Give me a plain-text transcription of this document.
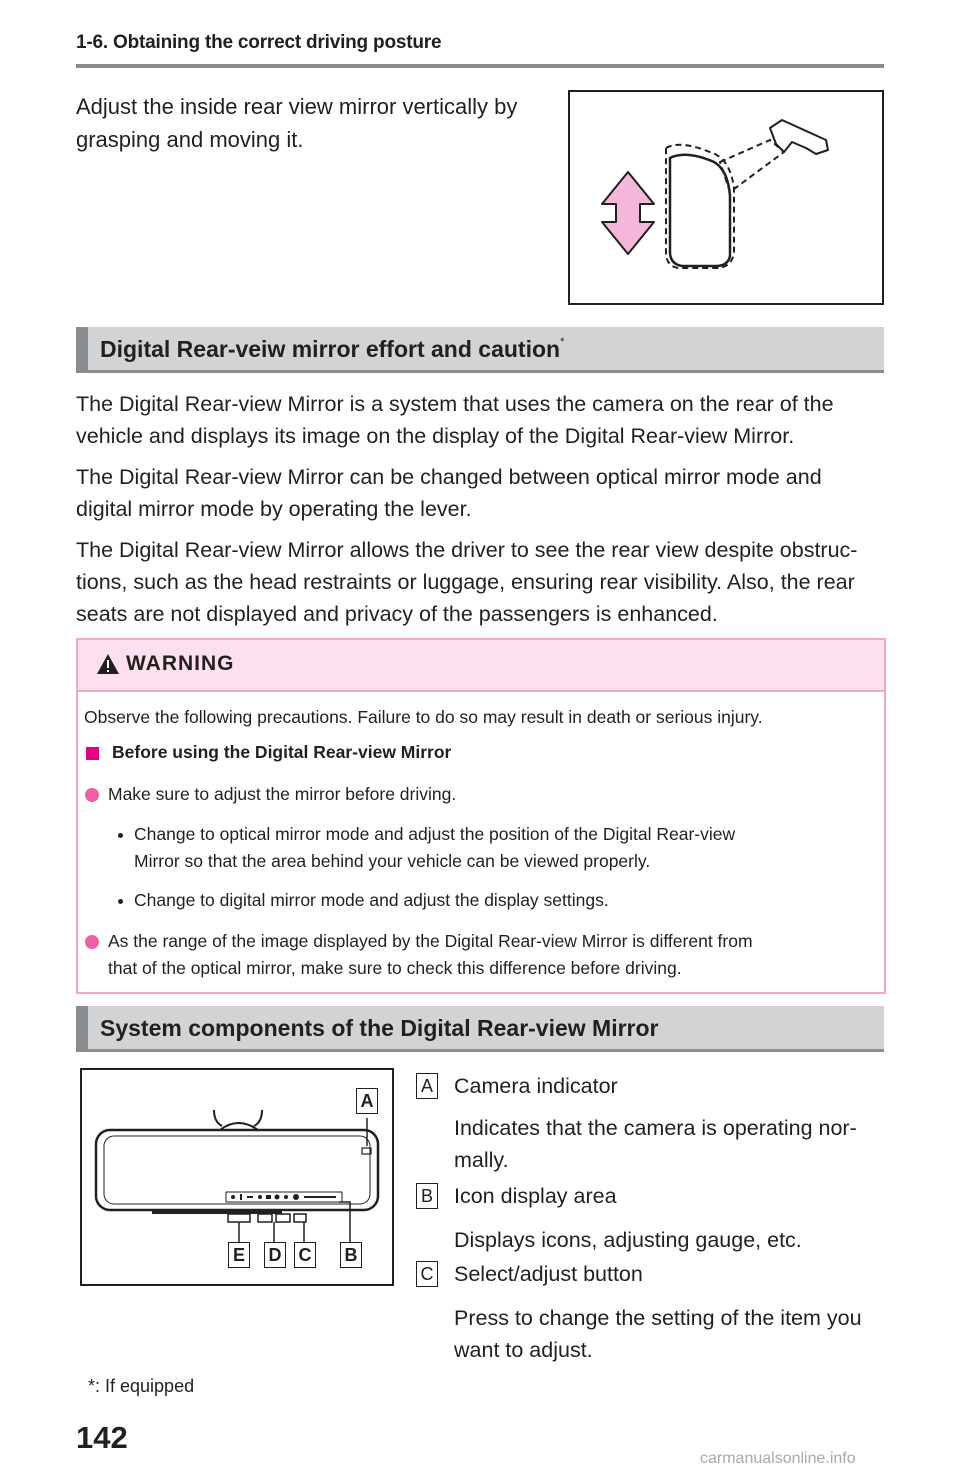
1-6. Obtaining the correct driving posture
Adjust the inside rear view mirror vertically by
grasping and moving it.
Digital Rear-veiw mirror effort and caution*
The Digital Rear-view Mirror is a system that uses the camera on the rear of the
vehicle and displays its image on the display of the Digital Rear-view Mirror.
The Digital Rear-view Mirror can be changed between optical mirror mode and
digital mirror mode by operating the lever.
The Digital Rear-view Mirror allows the driver to see the rear view despite obstruc-
tions, such as the head restraints or luggage, ensuring rear visibility. Also, the rear
seats are not displayed and privacy of the passengers is enhanced.
WARNING
Observe the following precautions. Failure to do so may result in death or serious injury.
Before using the Digital Rear-view Mirror
Make sure to adjust the mirror before driving.
Change to optical mirror mode and adjust the position of the Digital Rear-view
Mirror so that the area behind your vehicle can be viewed properly.
Change to digital mirror mode and adjust the display settings.
As the range of the image displayed by the Digital Rear-view Mirror is different from
that of the optical mirror, make sure to check this difference before driving.
System components of the Digital Rear-view Mirror
A
E D C B
A Camera indicator
Indicates that the camera is operating nor-
mally.
B Icon display area
Displays icons, adjusting gauge, etc.
C Select/adjust button
Press to change the setting of the item you
want to adjust.
*: If equipped
142
carmanualsonline.info
